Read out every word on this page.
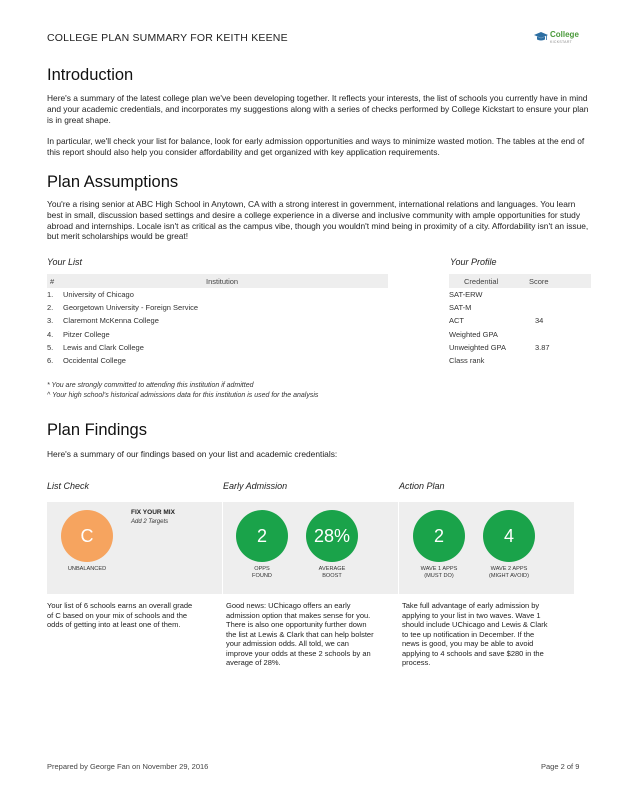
COLLEGE PLAN SUMMARY FOR KEITH KEENE	College
KICKSTART
Introduction

Here's a summary of the latest college plan we've been developing together. It reflects your interests, the list of schools you currently have in mind and your academic credentials, and incorporates my suggestions along with a series of checks performed by College Kickstart to ensure your plan is in great shape.

In particular, we'll check your list for balance, look for early admission opportunities and ways to minimize wasted motion. The tables at the end of this report should also help you consider affordability and get organized with key application requirements.

Plan Assumptions

You're a rising senior at ABC High School in Anytown, CA with a strong interest in government, international relations and languages. You learn best in small, discussion based settings and desire a college experience in a diverse and inclusive community with ample opportunities for study abroad and internships. Locale isn't as critical as the campus vibe, though you wouldn't mind being in proximity of a city. Affordability isn't an issue, but merit scholarships would be great!

Your List
#	Institution
1. University of Chicago
2. Georgetown University - Foreign Service
3. Claremont McKenna College
4. Pitzer College
5. Lewis and Clark College
6. Occidental College
Your Profile
Credential	Score
SAT-ERW
SAT-M
ACT	34
Weighted GPA
Unweighted GPA	3.87
Class rank
* You are strongly committed to attending this institution if admitted
^ Your high school's historical admissions data for this institution is used for the analysis
Plan Findings

Here's a summary of our findings based on your list and academic credentials:

List Check
C
UNBALANCED
FIX YOUR MIX
Add 2 Targets

Your list of 6 schools earns an overall grade of C based on your mix of schools and the odds of getting into at least one of them.

Early Admission
2
OPPS
FOUND
28%
AVERAGE
BOOST

Good news: UChicago offers an early admission option that makes sense for you. There is also one opportunity further down the list at Lewis & Clark that can help bolster your admission odds. All told, we can improve your odds at these 2 schools by an average of 28%.

Action Plan
2
WAVE 1 APPS
(MUST DO)
4
WAVE 2 APPS
(MIGHT AVOID)

Take full advantage of early admission by applying to your list in two waves. Wave 1 should include UChicago and Lewis & Clark to tee up notification in December. If the news is good, you may be able to avoid applying to 4 schools and save $280 in the process.

Prepared by George Fan on November 29, 2016	Page 2 of 9
